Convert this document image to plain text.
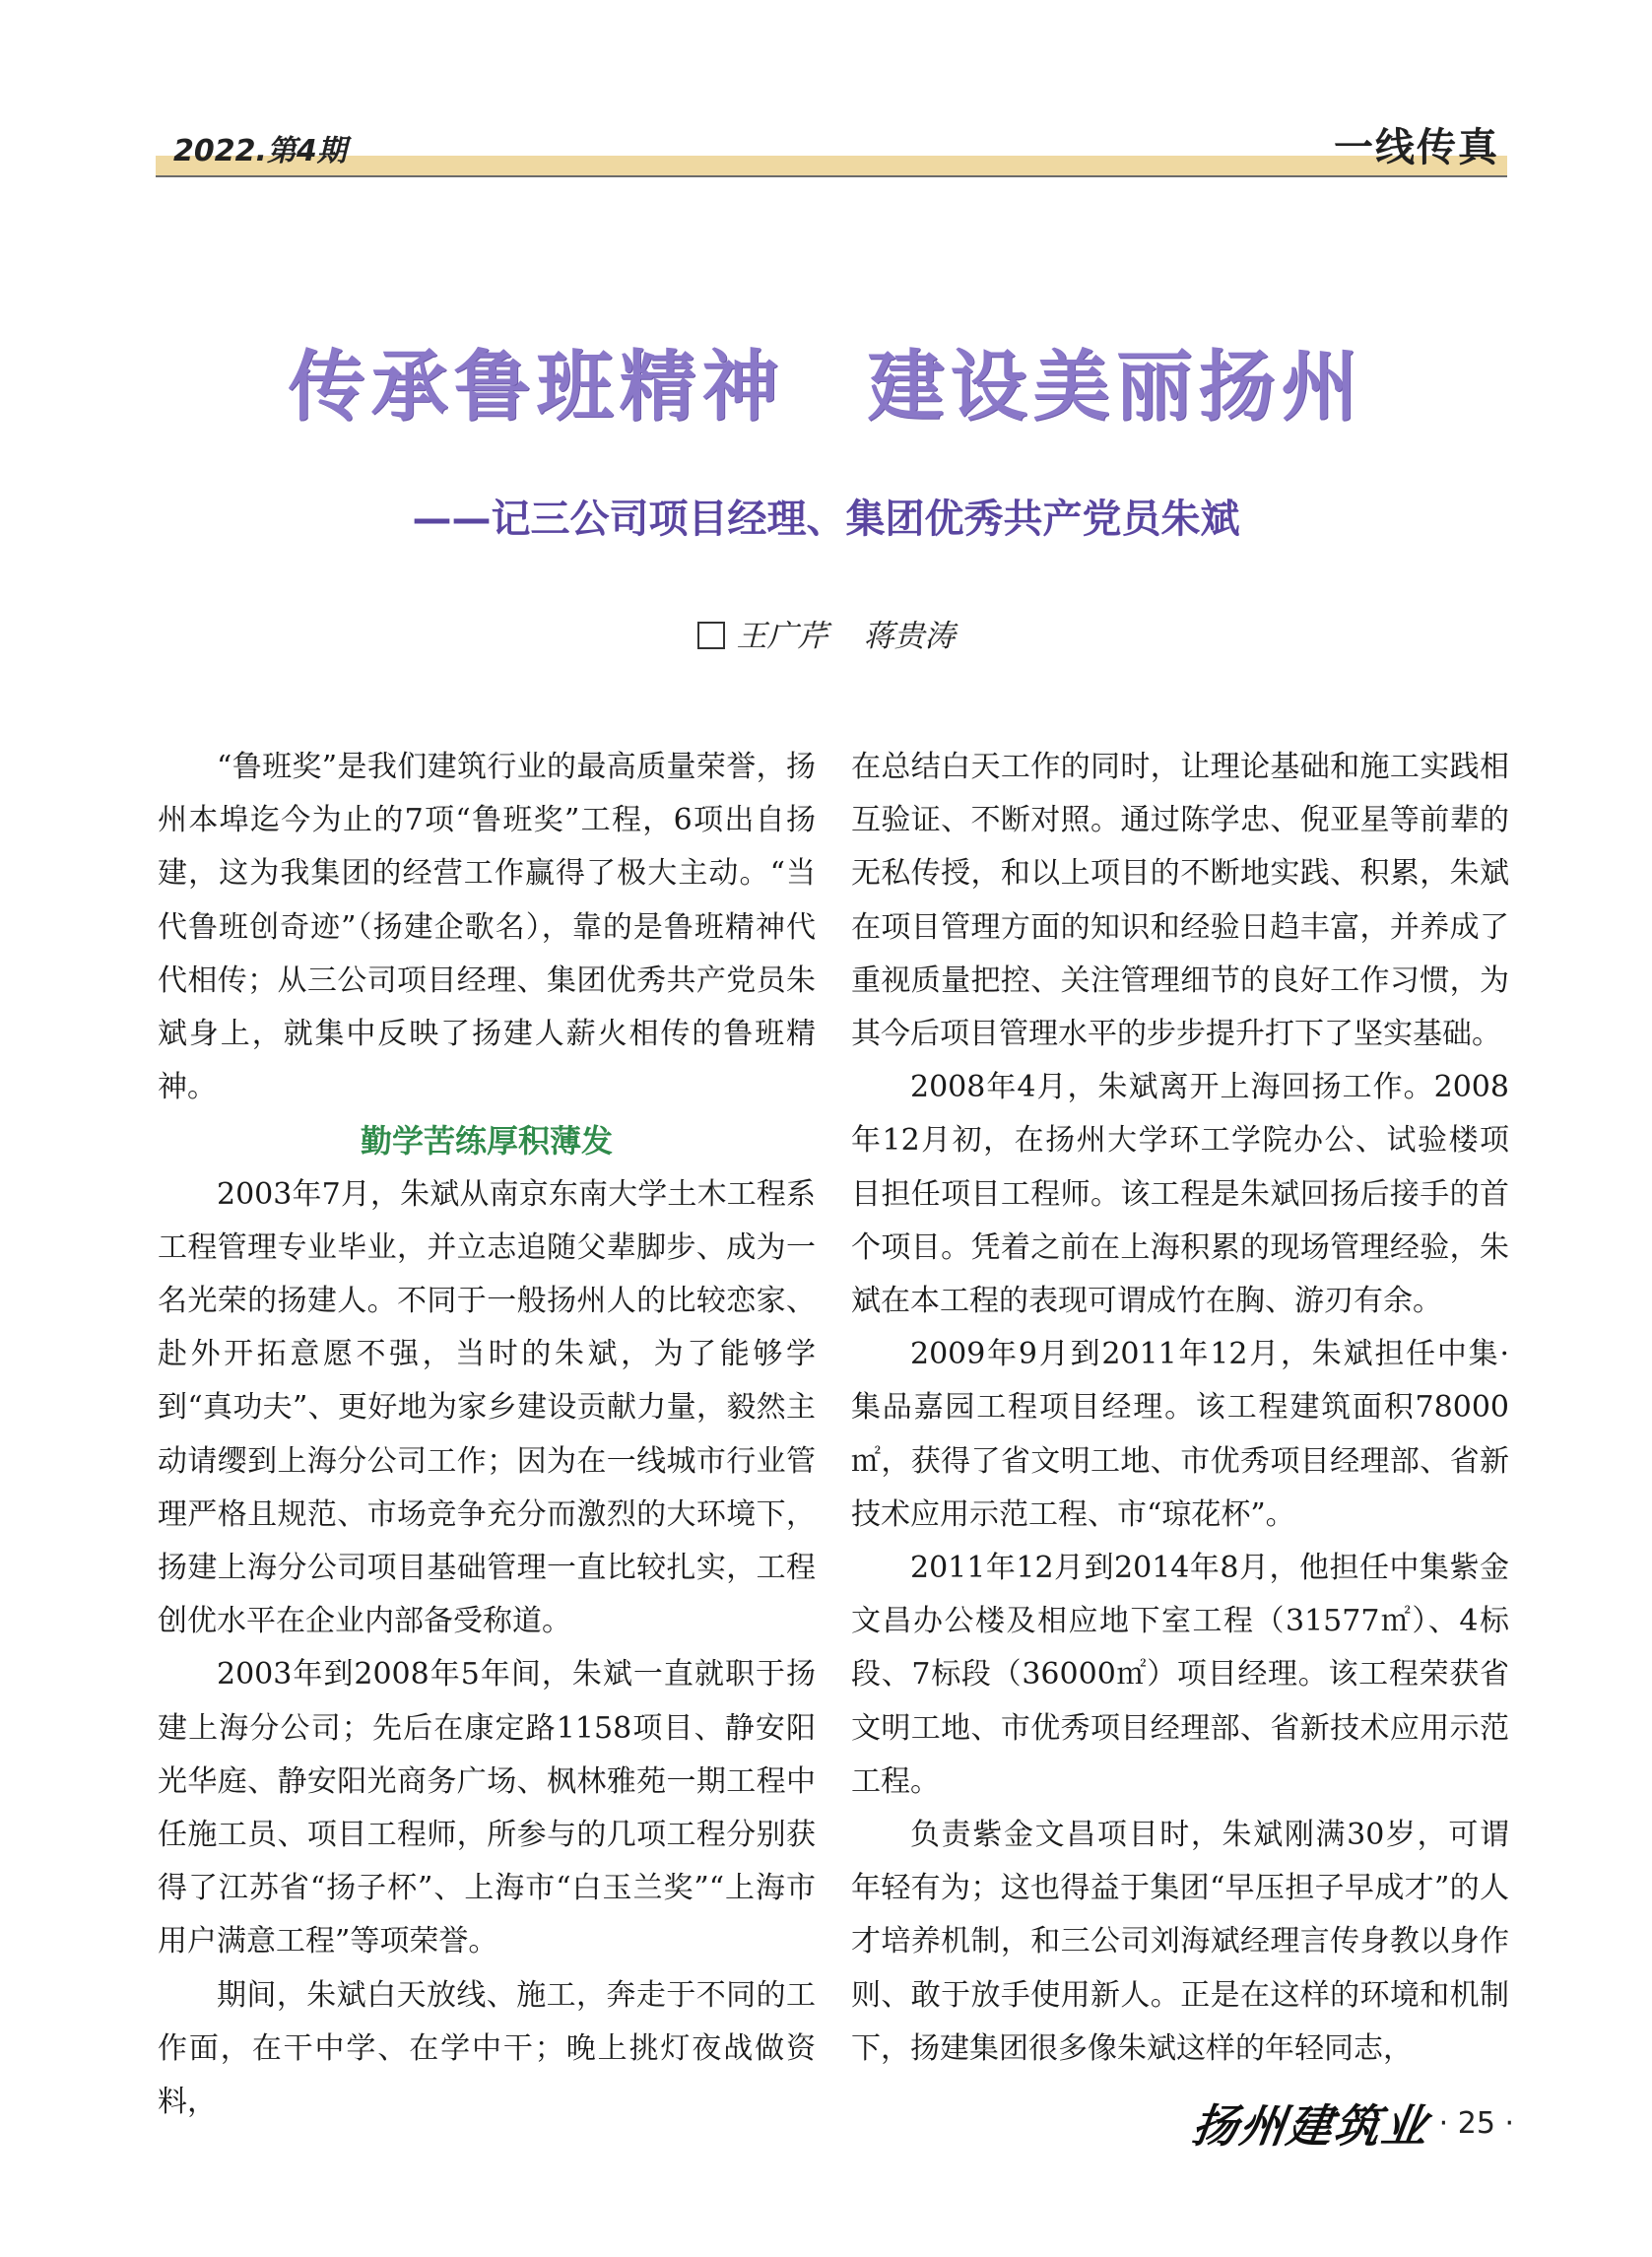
2022.第4期	一线传真
传承鲁班精神　建设美丽扬州
——记三公司项目经理、集团优秀共产党员朱斌
王广芹 蒋贵涛

“鲁班奖”是我们建筑行业的最高质量荣誉，扬州本埠迄今为止的7项“鲁班奖”工程，6项出自扬建，这为我集团的经营工作赢得了极大主动。“当代鲁班创奇迹”（扬建企歌名），靠的是鲁班精神代代相传；从三公司项目经理、集团优秀共产党员朱斌身上，就集中反映了扬建人薪火相传的鲁班精神。

勤学苦练厚积薄发

2003年7月，朱斌从南京东南大学土木工程系工程管理专业毕业，并立志追随父辈脚步、成为一名光荣的扬建人。不同于一般扬州人的比较恋家、赴外开拓意愿不强，当时的朱斌，为了能够学到“真功夫”、更好地为家乡建设贡献力量，毅然主动请缨到上海分公司工作；因为在一线城市行业管理严格且规范、市场竞争充分而激烈的大环境下，扬建上海分公司项目基础管理一直比较扎实，工程创优水平在企业内部备受称道。

2003年到2008年5年间，朱斌一直就职于扬建上海分公司；先后在康定路1158项目、静安阳光华庭、静安阳光商务广场、枫林雅苑一期工程中任施工员、项目工程师，所参与的几项工程分别获得了江苏省“扬子杯”、上海市“白玉兰奖”“上海市用户满意工程”等项荣誉。

期间，朱斌白天放线、施工，奔走于不同的工作面，在干中学、在学中干；晚上挑灯夜战做资料，

在总结白天工作的同时，让理论基础和施工实践相互验证、不断对照。通过陈学忠、倪亚星等前辈的无私传授，和以上项目的不断地实践、积累，朱斌在项目管理方面的知识和经验日趋丰富，并养成了重视质量把控、关注管理细节的良好工作习惯，为其今后项目管理水平的步步提升打下了坚实基础。

2008年4月，朱斌离开上海回扬工作。2008年12月初，在扬州大学环工学院办公、试验楼项目担任项目工程师。该工程是朱斌回扬后接手的首个项目。凭着之前在上海积累的现场管理经验，朱斌在本工程的表现可谓成竹在胸、游刃有余。

2009年9月到2011年12月，朱斌担任中集·集品嘉园工程项目经理。该工程建筑面积78000㎡，获得了省文明工地、市优秀项目经理部、省新技术应用示范工程、市“琼花杯”。

2011年12月到2014年8月，他担任中集紫金文昌办公楼及相应地下室工程（31577㎡）、4标段、7标段（36000㎡）项目经理。该工程荣获省文明工地、市优秀项目经理部、省新技术应用示范工程。

负责紫金文昌项目时，朱斌刚满30岁，可谓年轻有为；这也得益于集团“早压担子早成才”的人才培养机制，和三公司刘海斌经理言传身教以身作则、敢于放手使用新人。正是在这样的环境和机制下，扬建集团很多像朱斌这样的年轻同志，

扬州建筑业 · 25 ·
